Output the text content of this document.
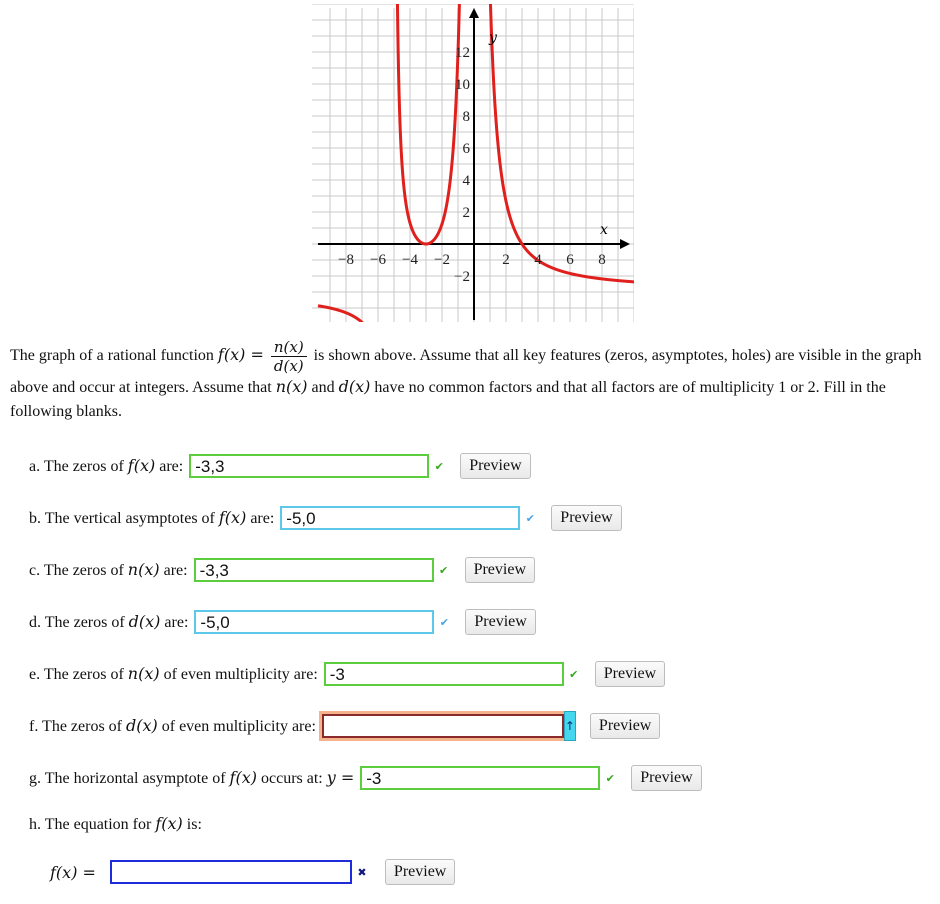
−8 −6 −4 −2	2 4 6 8
12
10
8
6
4
2
−2
y
x
The graph of a rational function $f(x) = \frac{n(x)}{d(x)}$ is shown above. Assume that all key features (zeros, asymptotes, holes) are visible in the graph above and occur at integers. Assume that n(x) and d(x) have no common factors and that all factors are of multiplicity 1 or 2. Fill in the following blanks.
a. The zeros of f(x) are: -3,3	✔	Preview
b. The vertical asymptotes of f(x) are: -5,0	✔	Preview
c. The zeros of n(x) are: -3,3	✔	Preview
d. The zeros of d(x) are: -5,0	✔	Preview
e. The zeros of n(x) of even multiplicity are: -3	✔	Preview
f. The zeros of d(x) of even multiplicity are:	↑	Preview
g. The horizontal asymptote of f(x) occurs at: y = -3	✔	Preview
h. The equation for f(x) is:
f(x) =	✖	Preview
